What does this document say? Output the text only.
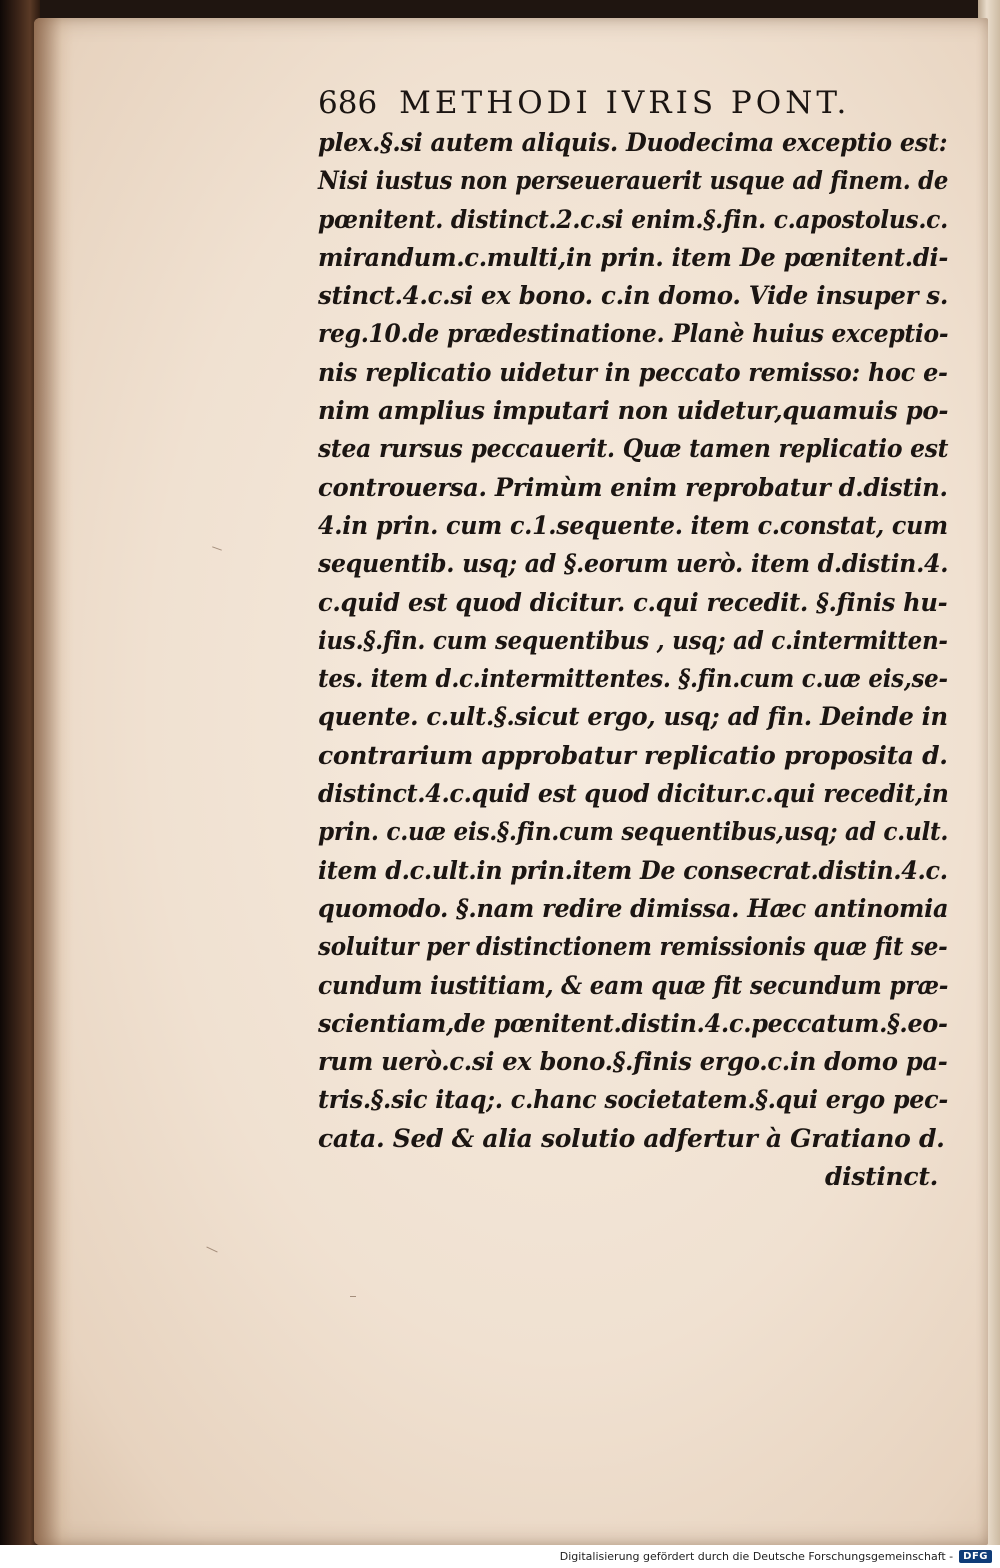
686 METHODI IVRIS PONT.
plex.§.si autem aliquis. Duodecima exceptio est:
Nisi iustus non perseuerauerit usque ad finem. de
pœnitent. distinct.2.c.si enim.§.fin. c.apostolus.c.
mirandum.c.multi,in prin. item De pœnitent.di-
stinct.4.c.si ex bono. c.in domo. Vide insuper s.
reg.10.de prædestinatione. Planè huius exceptio-
nis replicatio uidetur in peccato remisso: hoc e-
nim amplius imputari non uidetur,quamuis po-
stea rursus peccauerit. Quæ tamen replicatio est
controuersa. Primùm enim reprobatur d.distin.
4.in prin. cum c.1.sequente. item c.constat, cum
sequentib. usq; ad §.eorum uerò. item d.distin.4.
c.quid est quod dicitur. c.qui recedit. §.finis hu-
ius.§.fin. cum sequentibus , usq; ad c.intermitten-
tes. item d.c.intermittentes. §.fin.cum c.uæ eis,se-
quente. c.ult.§.sicut ergo, usq; ad fin. Deinde in
contrarium approbatur replicatio proposita d.
distinct.4.c.quid est quod dicitur.c.qui recedit,in
prin. c.uæ eis.§.fin.cum sequentibus,usq; ad c.ult.
item d.c.ult.in prin.item De consecrat.distin.4.c.
quomodo. §.nam redire dimissa. Hæc antinomia
soluitur per distinctionem remissionis quæ fit se-
cundum iustitiam, & eam quæ fit secundum præ-
scientiam,de pœnitent.distin.4.c.peccatum.§.eo-
rum uerò.c.si ex bono.§.finis ergo.c.in domo pa-
tris.§.sic itaq;. c.hanc societatem.§.qui ergo pec-
cata. Sed & alia solutio adfertur à Gratiano d.
distinct.
Digitalisierung gefördert durch die Deutsche Forschungsgemeinschaft -	DFG
